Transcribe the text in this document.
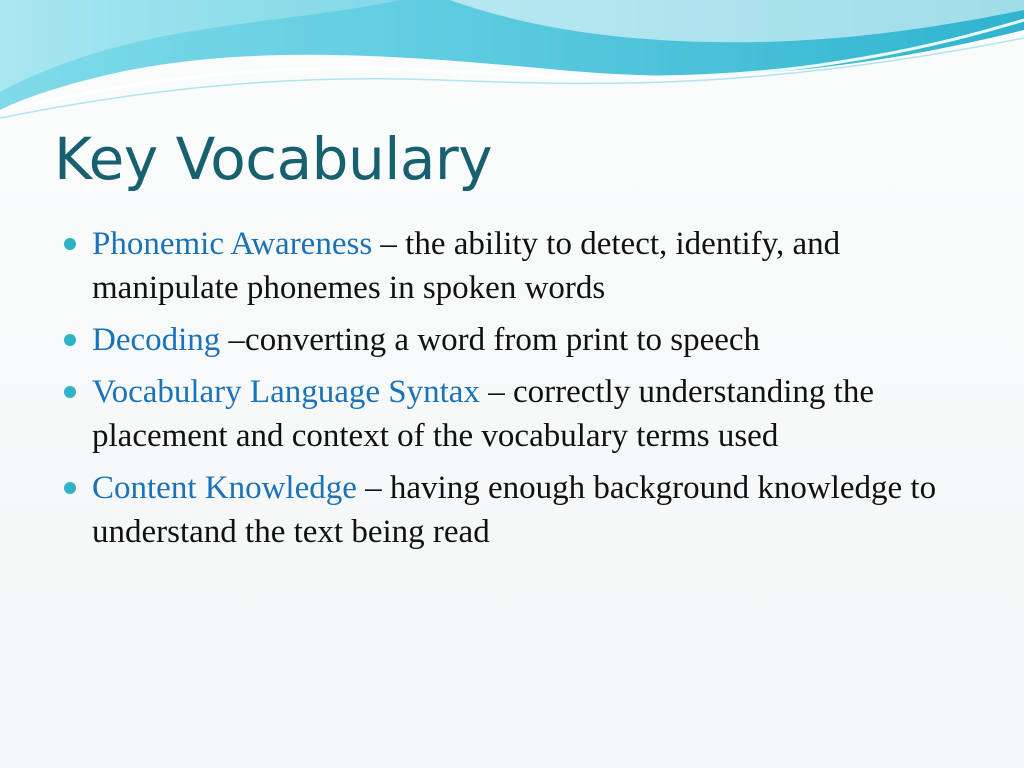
Key Vocabulary
Phonemic Awareness – the ability to detect, identify, and manipulate phonemes in spoken words
Decoding –converting a word from print to speech
Vocabulary Language Syntax – correctly understanding the placement and context of the vocabulary terms used
Content Knowledge – having enough background knowledge to understand the text being read
